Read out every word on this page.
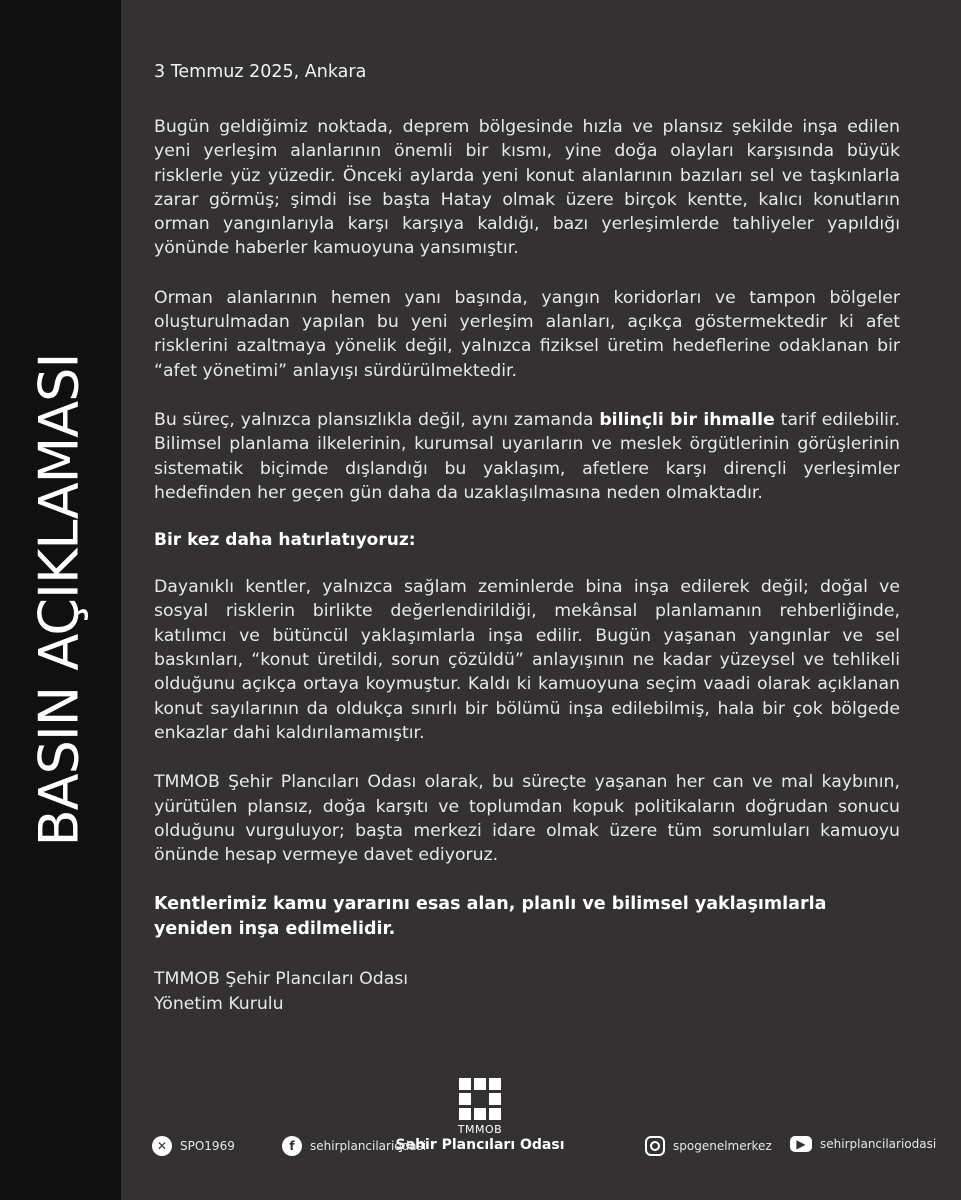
BASIN AÇIKLAMASI
3 Temmuz 2025, Ankara

Bugün geldiğimiz noktada, deprem bölgesinde hızla ve plansız şekilde inşa edilen yeni yerleşim alanlarının önemli bir kısmı, yine doğa olayları karşısında büyük risklerle yüz yüzedir. Önceki aylarda yeni konut alanlarının bazıları sel ve taşkınlarla zarar görmüş; şimdi ise başta Hatay olmak üzere birçok kentte, kalıcı konutların orman yangınlarıyla karşı karşıya kaldığı, bazı yerleşimlerde tahliyeler yapıldığı yönünde haberler kamuoyuna yansımıştır.

Orman alanlarının hemen yanı başında, yangın koridorları ve tampon bölgeler oluşturulmadan yapılan bu yeni yerleşim alanları, açıkça göstermektedir ki afet risklerini azaltmaya yönelik değil, yalnızca fiziksel üretim hedeflerine odaklanan bir “afet yönetimi” anlayışı sürdürülmektedir.

Bu süreç, yalnızca plansızlıkla değil, aynı zamanda bilinçli bir ihmalle tarif edilebilir. Bilimsel planlama ilkelerinin, kurumsal uyarıların ve meslek örgütlerinin görüşlerinin sistematik biçimde dışlandığı bu yaklaşım, afetlere karşı dirençli yerleşimler hedefinden her geçen gün daha da uzaklaşılmasına neden olmaktadır.

Bir kez daha hatırlatıyoruz:

Dayanıklı kentler, yalnızca sağlam zeminlerde bina inşa edilerek değil; doğal ve sosyal risklerin birlikte değerlendirildiği, mekânsal planlamanın rehberliğinde, katılımcı ve bütüncül yaklaşımlarla inşa edilir. Bugün yaşanan yangınlar ve sel baskınları, “konut üretildi, sorun çözüldü” anlayışının ne kadar yüzeysel ve tehlikeli olduğunu açıkça ortaya koymuştur. Kaldı ki kamuoyuna seçim vaadi olarak açıklanan konut sayılarının da oldukça sınırlı bir bölümü inşa edilebilmiş, hala bir çok bölgede enkazlar dahi kaldırılamamıştır.

TMMOB Şehir Plancıları Odası olarak, bu süreçte yaşanan her can ve mal kaybının, yürütülen plansız, doğa karşıtı ve toplumdan kopuk politikaların doğrudan sonucu olduğunu vurguluyor; başta merkezi idare olmak üzere tüm sorumluları kamuoyu önünde hesap vermeye davet ediyoruz.

Kentlerimiz kamu yararını esas alan, planlı ve bilimsel yaklaşımlarla yeniden inşa edilmelidir.

TMMOB Şehir Plancıları Odası

Yönetim Kurulu

TMMOB
Şehir Plancıları Odası
✕	SPO1969	f	sehirplancilariodasi	spogenelmerkez	▶	sehirplancilariodasi
